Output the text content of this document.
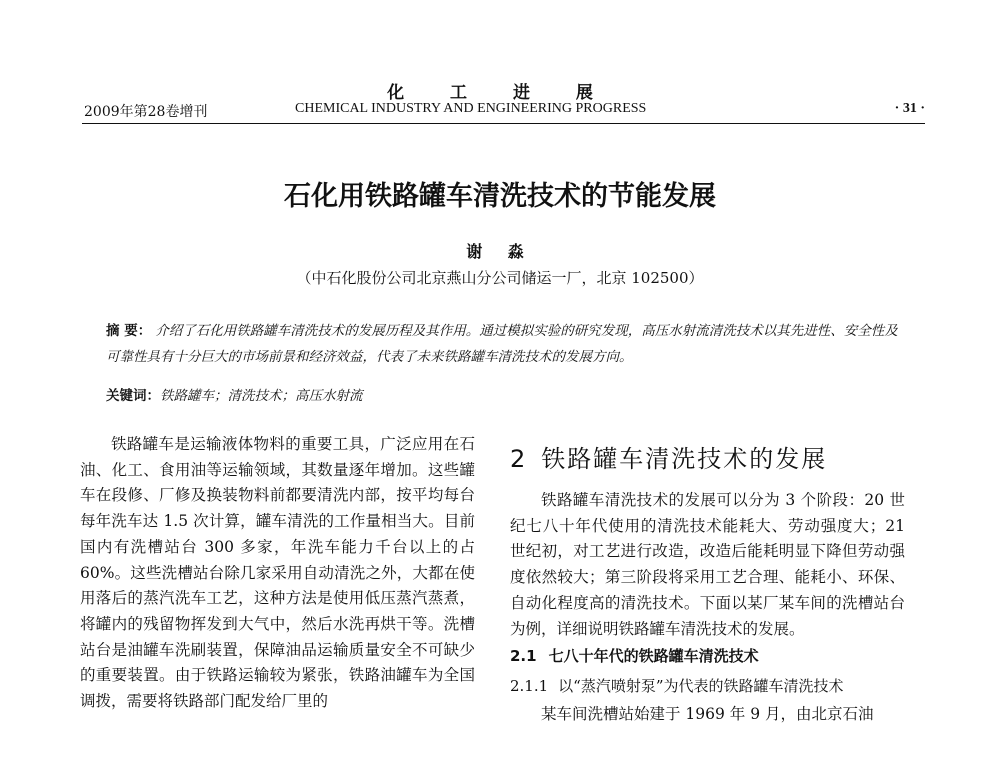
化 工 进 展
2009年第28卷增刊	CHEMICAL INDUSTRY AND ENGINEERING PROGRESS	· 31 ·
石化用铁路罐车清洗技术的节能发展
谢 淼
（中石化股份公司北京燕山分公司储运一厂，北京 102500）
摘 要： 介绍了石化用铁路罐车清洗技术的发展历程及其作用。通过模拟实验的研究发现，高压水射流清洗技术以其先进性、安全性及可靠性具有十分巨大的市场前景和经济效益，代表了未来铁路罐车清洗技术的发展方向。
关键词：铁路罐车；清洗技术；高压水射流

铁路罐车是运输液体物料的重要工具，广泛应用在石油、化工、食用油等运输领域，其数量逐年增加。这些罐车在段修、厂修及换装物料前都要清洗内部，按平均每台每年洗车达 1.5 次计算，罐车清洗的工作量相当大。目前国内有洗槽站台 300 多家，年洗车能力千台以上的占 60%。这些洗槽站台除几家采用自动清洗之外，大都在使用落后的蒸汽洗车工艺，这种方法是使用低压蒸汽蒸煮，将罐内的残留物挥发到大气中，然后水洗再烘干等。洗槽站台是油罐车洗刷装置，保障油品运输质量安全不可缺少的重要装置。由于铁路运输较为紧张，铁路油罐车为全国调拨，需要将铁路部门配发给厂里的

2 铁路罐车清洗技术的发展

铁路罐车清洗技术的发展可以分为 3 个阶段：20 世纪七八十年代使用的清洗技术能耗大、劳动强度大；21 世纪初，对工艺进行改造，改造后能耗明显下降但劳动强度依然较大；第三阶段将采用工艺合理、能耗小、环保、自动化程度高的清洗技术。下面以某厂某车间的洗槽站台为例，详细说明铁路罐车清洗技术的发展。

2.1 七八十年代的铁路罐车清洗技术
2.1.1 以“蒸汽喷射泵”为代表的铁路罐车清洗技术

某车间洗槽站始建于 1969 年 9 月，由北京石油
